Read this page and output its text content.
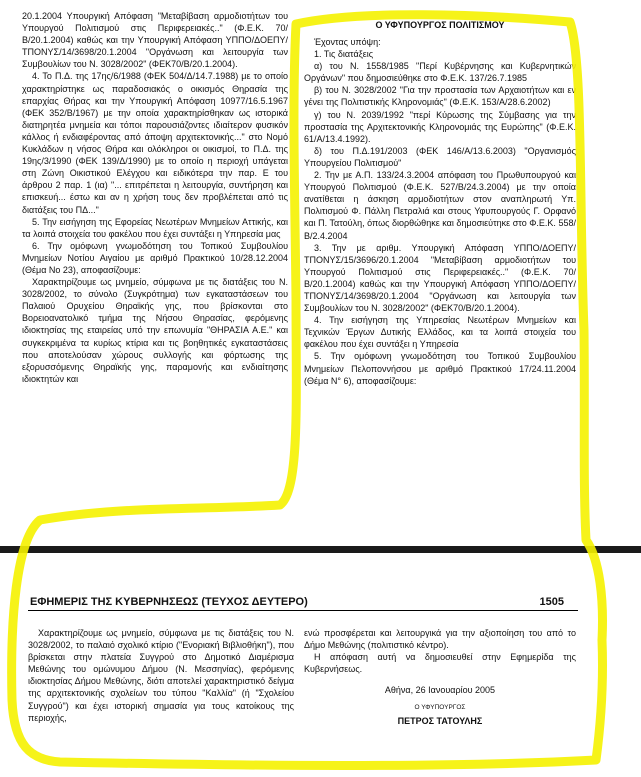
20.1.2004 Υπουργική Απόφαση "Μεταβίβαση αρμοδιοτήτων του Υπουργού Πολιτισμού στις Περιφερειακές.." (Φ.Ε.Κ. 70/Β/20.1.2004) καθώς και την Υπουργική Απόφαση ΥΠΠΟ/ΔΟΕΠΥ/ΤΠΟΝΥΣ/14/3698/20.1.2004 "Οργάνωση και λειτουργία των Συμβουλίων του Ν. 3028/2002" (ΦΕΚ70/Β/20.1.2004).

4. Το Π.Δ. της 17ης/6/1988 (ΦΕΚ 504/Δ/14.7.1988) με το οποίο χαρακτηρίστηκε ως παραδοσιακός ο οικισμός Θηρασία της επαρχίας Θήρας και την Υπουργική Απόφαση 10977/16.5.1967 (ΦΕΚ 352/Β/1967) με την οποία χαρακτηρίσθηκαν ως ιστορικά διατηρητέα μνημεία και τόποι παρουσιάζοντες ιδιαίτερον φυσικόν κάλλος ή ενδιαφέροντας από άποψη αρχιτεκτονικής..." στο Νομό Κυκλάδων η νήσος Θήρα και ολόκληροι οι οικισμοί, το Π.Δ. της 19ης/3/1990 (ΦΕΚ 139/Δ/1990) με το οποίο η περιοχή υπάγεται στη Ζώνη Οικιστικού Ελέγχου και ειδικότερα την παρ. Ε του άρθρου 2 παρ. 1 (ια) "... επιτρέπεται η λειτουργία, συντήρηση και επισκευή... έστω και αν η χρήση τους δεν προβλέπεται από τις διατάξεις του ΠΔ..."

5. Την εισήγηση της Εφορείας Νεωτέρων Μνημείων Αττικής, και τα λοιπά στοιχεία του φακέλου που έχει συντάξει η Υπηρεσία μας

6. Την ομόφωνη γνωμοδότηση του Τοπικού Συμβουλίου Μνημείων Νοτίου Αιγαίου με αριθμό Πρακτικού 10/28.12.2004 (Θέμα Νο 23), αποφασίζουμε:

Χαρακτηρίζουμε ως μνημείο, σύμφωνα με τις διατάξεις του Ν. 3028/2002, το σύνολο (Συγκρότημα) των εγκαταστάσεων του Παλαιού Ορυχείου Θηραϊκής γης, που βρίσκονται στο Βορειοανατολικό τμήμα της Νήσου Θηρασίας, φερόμενης ιδιοκτησίας της εταιρείας υπό την επωνυμία "ΘΗΡΑΣΙΑ Α.Ε." και συγκεκριμένα τα κυρίως κτίρια και τις βοηθητικές εγκαταστάσεις που αποτελούσαν χώρους συλλογής και φόρτωσης της εξορυσσόμενης Θηραϊκής γης, παραμονής και ενδιαίτησης ιδιοκτητών και

Ο ΥΦΥΠΟΥΡΓΟΣ ΠΟΛΙΤΙΣΜΟΥ

Έχοντας υπόψη:

1. Τις διατάξεις

α) του Ν. 1558/1985 "Περί Κυβέρνησης και Κυβερνητικών Οργάνων" που δημοσιεύθηκε στο Φ.Ε.Κ. 137/26.7.1985

β) του Ν. 3028/2002 "Για την προστασία των Αρχαιοτήτων και εν γένει της Πολιτιστικής Κληρονομιάς" (Φ.Ε.Κ. 153/Α/28.6.2002)

γ) του Ν. 2039/1992 "περί Κύρωσης της Σύμβασης για την προστασία της Αρχιτεκτονικής Κληρονομιάς της Ευρώπης" (Φ.Ε.Κ. 61/Α/13.4.1992).

δ) του Π.Δ.191/2003 (ΦΕΚ 146/Α/13.6.2003) "Οργανισμός Υπουργείου Πολιτισμού"

2. Την με Α.Π. 133/24.3.2004 απόφαση του Πρωθυπουργού και Υπουργού Πολιτισμού (Φ.Ε.Κ. 527/Β/24.3.2004) με την οποία ανατίθεται η άσκηση αρμοδιοτήτων στον αναπληρωτή Υπ. Πολιτισμού Φ. Πάλλη Πετραλιά και στους Υφυπουργούς Γ. Ορφανό και Π. Τατούλη, όπως διορθώθηκε και δημοσιεύτηκε στο Φ.Ε.Κ. 558/Β/2.4.2004

3. Την με αριθμ. Υπουργική Απόφαση ΥΠΠΟ/ΔΟΕΠΥ/ΤΠΟΝΥΣ/15/3696/20.1.2004 "Μεταβίβαση αρμοδιοτήτων του Υπουργού Πολιτισμού στις Περιφερειακές.." (Φ.Ε.Κ. 70/Β/20.1.2004) καθώς και την Υπουργική Απόφαση ΥΠΠΟ/ΔΟΕΠΥ/ΤΠΟΝΥΣ/14/3698/20.1.2004 "Οργάνωση και λειτουργία των Συμβουλίων του Ν. 3028/2002" (ΦΕΚ70/Β/20.1.2004).

4. Την εισήγηση της Υπηρεσίας Νεωτέρων Μνημείων και Τεχνικών Έργων Δυτικής Ελλάδος, και τα λοιπά στοιχεία του φακέλου που έχει συντάξει η Υπηρεσία

5. Την ομόφωνη γνωμοδότηση του Τοπικού Συμβουλίου Μνημείων Πελοποννήσου με αριθμό Πρακτικού 17/24.11.2004 (Θέμα Ν° 6), αποφασίζουμε:

ΕΦΗΜΕΡΙΣ ΤΗΣ ΚΥΒΕΡΝΗΣΕΩΣ (ΤΕΥΧΟΣ ΔΕΥΤΕΡΟ)	1505

Χαρακτηρίζουμε ως μνημείο, σύμφωνα με τις διατάξεις του Ν. 3028/2002, το παλαιό σχολικό κτίριο ("Ενοριακή Βιβλιοθήκη"), που βρίσκεται στην πλατεία Συγγρού στο Δημοτικό Διαμέρισμα Μεθώνης του ομώνυμου Δήμου (Ν. Μεσσηνίας), φερόμενης ιδιοκτησίας Δήμου Μεθώνης, διότι αποτελεί χαρακτηριστικό δείγμα της αρχιτεκτονικής σχολείων του τύπου "Καλλία" (ή "Σχολείου Συγγρού") και έχει ιστορική σημασία για τους κατοίκους της περιοχής,

ενώ προσφέρεται και λειτουργικά για την αξιοποίηση του από το Δήμο Μεθώνης (πολιτιστικό κέντρο).

Η απόφαση αυτή να δημοσιευθεί στην Εφημερίδα της Κυβερνήσεως.

Αθήνα, 26 Ιανουαρίου 2005

Ο ΥΦΥΠΟΥΡΓΟΣ

ΠΕΤΡΟΣ ΤΑΤΟΥΛΗΣ
